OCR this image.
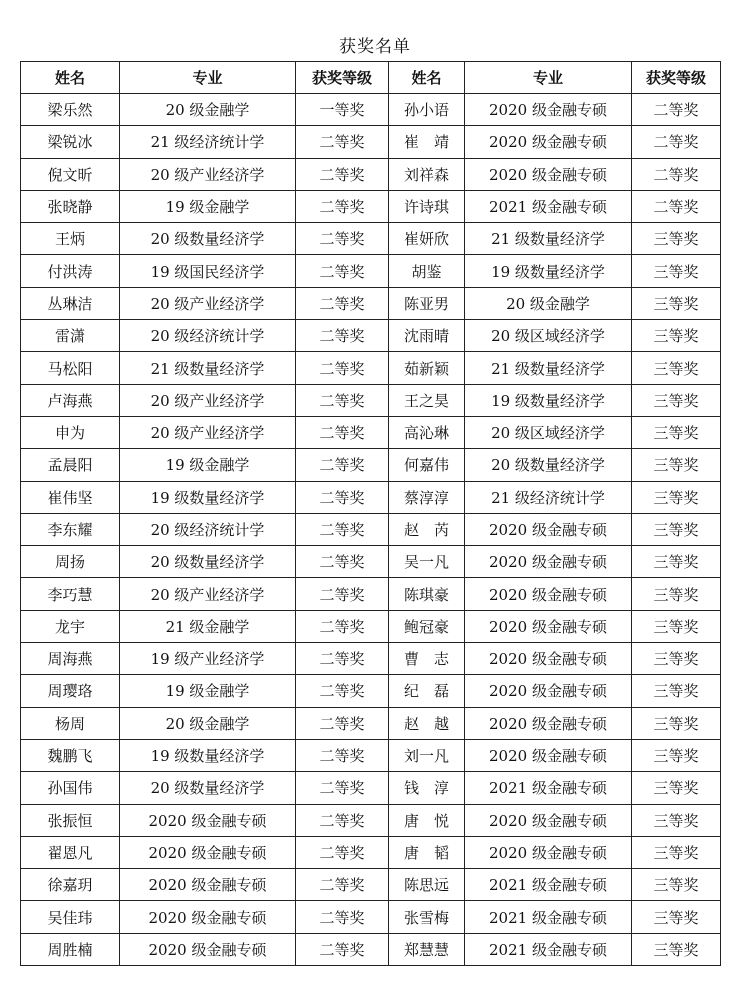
获奖名单
姓名	专业	获奖等级	姓名	专业	获奖等级
梁乐然	20 级金融学	一等奖	孙小语	2020 级金融专硕	二等奖
梁锐冰	21 级经济统计学	二等奖	崔　靖	2020 级金融专硕	二等奖
倪文昕	20 级产业经济学	二等奖	刘祥森	2020 级金融专硕	二等奖
张晓静	19 级金融学	二等奖	许诗琪	2021 级金融专硕	二等奖
王炳	20 级数量经济学	二等奖	崔妍欣	21 级数量经济学	三等奖
付洪涛	19 级国民经济学	二等奖	胡鉴	19 级数量经济学	三等奖
丛琳洁	20 级产业经济学	二等奖	陈亚男	20 级金融学	三等奖
雷潇	20 级经济统计学	二等奖	沈雨晴	20 级区域经济学	三等奖
马松阳	21 级数量经济学	二等奖	茹新颖	21 级数量经济学	三等奖
卢海燕	20 级产业经济学	二等奖	王之昊	19 级数量经济学	三等奖
申为	20 级产业经济学	二等奖	高沁琳	20 级区域经济学	三等奖
孟晨阳	19 级金融学	二等奖	何嘉伟	20 级数量经济学	三等奖
崔伟坚	19 级数量经济学	二等奖	蔡淳淳	21 级经济统计学	三等奖
李东耀	20 级经济统计学	二等奖	赵　芮	2020 级金融专硕	三等奖
周扬	20 级数量经济学	二等奖	吴一凡	2020 级金融专硕	三等奖
李巧慧	20 级产业经济学	二等奖	陈琪豪	2020 级金融专硕	三等奖
龙宇	21 级金融学	二等奖	鲍冠豪	2020 级金融专硕	三等奖
周海燕	19 级产业经济学	二等奖	曹　志	2020 级金融专硕	三等奖
周璎珞	19 级金融学	二等奖	纪　磊	2020 级金融专硕	三等奖
杨周	20 级金融学	二等奖	赵　越	2020 级金融专硕	三等奖
魏鹏飞	19 级数量经济学	二等奖	刘一凡	2020 级金融专硕	三等奖
孙国伟	20 级数量经济学	二等奖	钱　淳	2021 级金融专硕	三等奖
张振恒	2020 级金融专硕	二等奖	唐　悦	2020 级金融专硕	三等奖
翟恩凡	2020 级金融专硕	二等奖	唐　韬	2020 级金融专硕	三等奖
徐嘉玥	2020 级金融专硕	二等奖	陈思远	2021 级金融专硕	三等奖
吴佳玮	2020 级金融专硕	二等奖	张雪梅	2021 级金融专硕	三等奖
周胜楠	2020 级金融专硕	二等奖	郑慧慧	2021 级金融专硕	三等奖
